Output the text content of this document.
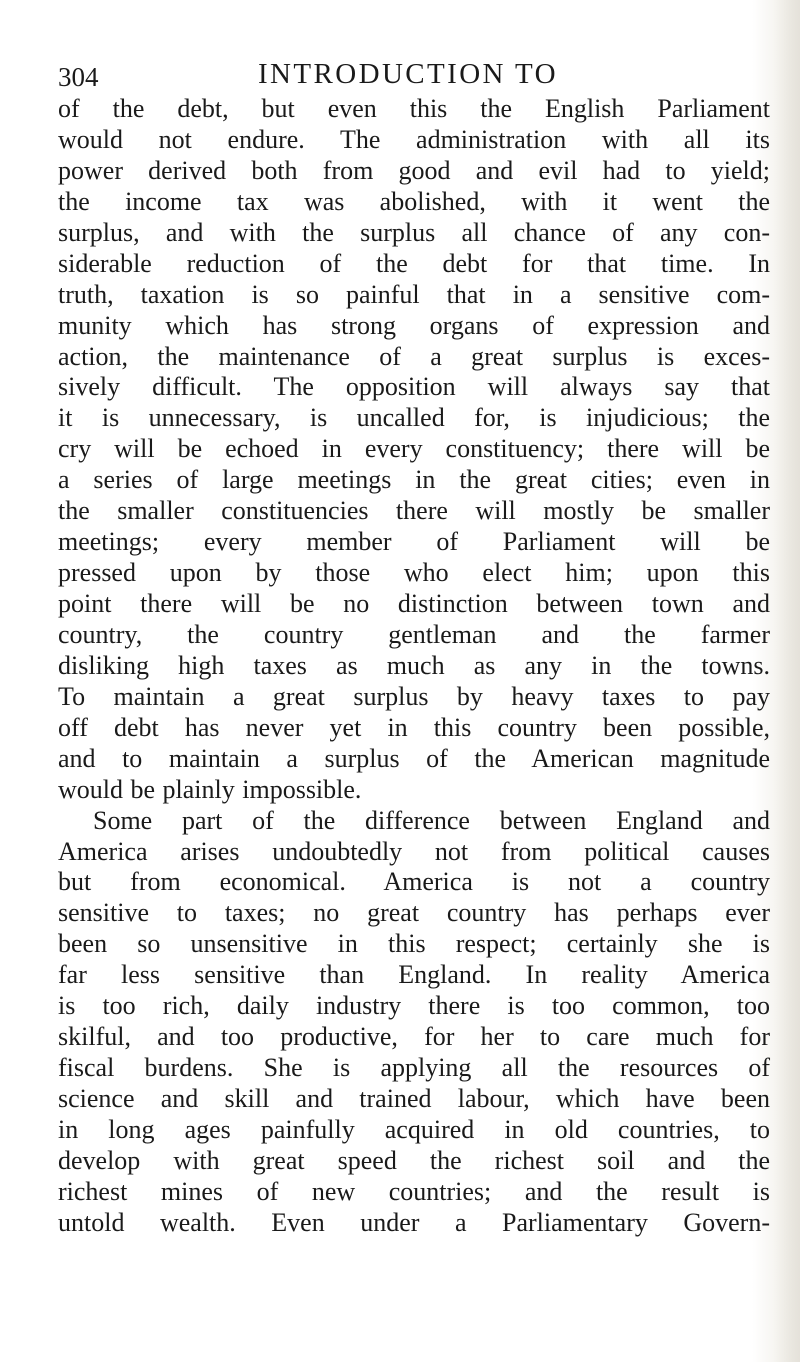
304	INTRODUCTION TO
of the debt, but even this the English Parliament
would not endure. The administration with all its
power derived both from good and evil had to yield;
the income tax was abolished, with it went the
surplus, and with the surplus all chance of any con-
siderable reduction of the debt for that time. In
truth, taxation is so painful that in a sensitive com-
munity which has strong organs of expression and
action, the maintenance of a great surplus is exces-
sively difficult. The opposition will always say that
it is unnecessary, is uncalled for, is injudicious; the
cry will be echoed in every constituency; there will be
a series of large meetings in the great cities; even in
the smaller constituencies there will mostly be smaller
meetings; every member of Parliament will be
pressed upon by those who elect him; upon this
point there will be no distinction between town and
country, the country gentleman and the farmer
disliking high taxes as much as any in the towns.
To maintain a great surplus by heavy taxes to pay
off debt has never yet in this country been possible,
and to maintain a surplus of the American magnitude
would be plainly impossible.
Some part of the difference between England and
America arises undoubtedly not from political causes
but from economical. America is not a country
sensitive to taxes; no great country has perhaps ever
been so unsensitive in this respect; certainly she is
far less sensitive than England. In reality America
is too rich, daily industry there is too common, too
skilful, and too productive, for her to care much for
fiscal burdens. She is applying all the resources of
science and skill and trained labour, which have been
in long ages painfully acquired in old countries, to
develop with great speed the richest soil and the
richest mines of new countries; and the result is
untold wealth. Even under a Parliamentary Govern-
